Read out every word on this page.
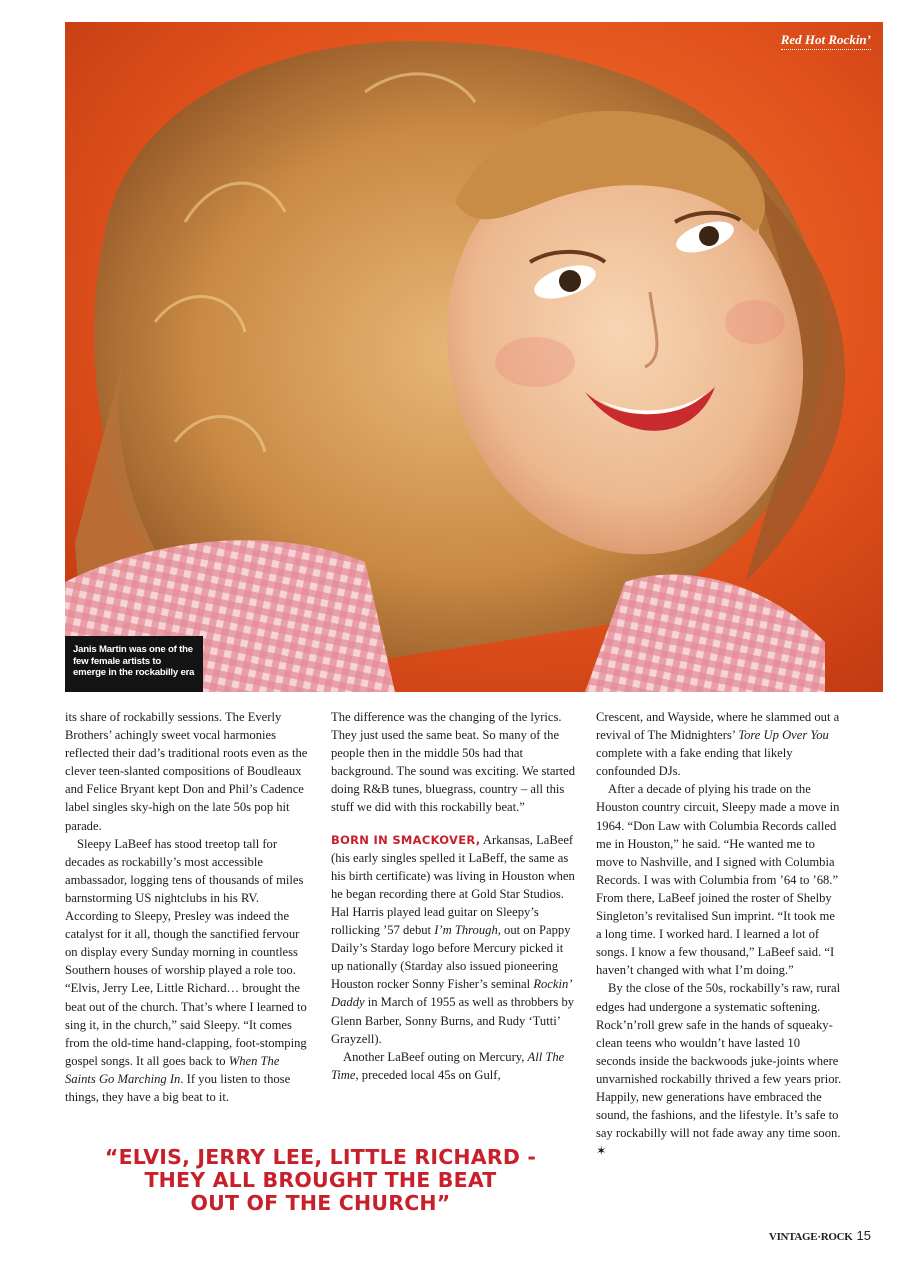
Red Hot Rockin’
Janis Martin was one of the few female artists to emerge in the rockabilly era

its share of rockabilly sessions. The Everly Brothers’ achingly sweet vocal harmonies reflected their dad’s traditional roots even as the clever teen-slanted compositions of Boudleaux and Felice Bryant kept Don and Phil’s Cadence label singles sky-high on the late 50s pop hit parade.

Sleepy LaBeef has stood treetop tall for decades as rockabilly’s most accessible ambassador, logging tens of thousands of miles barnstorming US nightclubs in his RV. According to Sleepy, Presley was indeed the catalyst for it all, though the sanctified fervour on display every Sunday morning in countless Southern houses of worship played a role too. “Elvis, Jerry Lee, Little Richard… brought the beat out of the church. That’s where I learned to sing it, in the church,” said Sleepy. “It comes from the old-time hand-clapping, foot-stomping gospel songs. It all goes back to When The Saints Go Marching In. If you listen to those things, they have a big beat to it.

The difference was the changing of the lyrics. They just used the same beat. So many of the people then in the middle 50s had that background. The sound was exciting. We started doing R&B tunes, bluegrass, country – all this stuff we did with this rockabilly beat.”

BORN IN SMACKOVER, Arkansas, LaBeef (his early singles spelled it LaBeff, the same as his birth certificate) was living in Houston when he began recording there at Gold Star Studios. Hal Harris played lead guitar on Sleepy’s rollicking ’57 debut I’m Through, out on Pappy Daily’s Starday logo before Mercury picked it up nationally (Starday also issued pioneering Houston rocker Sonny Fisher’s seminal Rockin’ Daddy in March of 1955 as well as throbbers by Glenn Barber, Sonny Burns, and Rudy ‘Tutti’ Grayzell).

Another LaBeef outing on Mercury, All The Time, preceded local 45s on Gulf,

Crescent, and Wayside, where he slammed out a revival of The Midnighters’ Tore Up Over You complete with a fake ending that likely confounded DJs.

After a decade of plying his trade on the Houston country circuit, Sleepy made a move in 1964. “Don Law with Columbia Records called me in Houston,” he said. “He wanted me to move to Nashville, and I signed with Columbia Records. I was with Columbia from ’64 to ’68.” From there, LaBeef joined the roster of Shelby Singleton’s revitalised Sun imprint. “It took me a long time. I worked hard. I learned a lot of songs. I know a few thousand,” LaBeef said. “I haven’t changed with what I’m doing.”

By the close of the 50s, rockabilly’s raw, rural edges had undergone a systematic softening. Rock’n’roll grew safe in the hands of squeaky-clean teens who wouldn’t have lasted 10 seconds inside the backwoods juke-joints where unvarnished rockabilly thrived a few years prior. Happily, new generations have embraced the sound, the fashions, and the lifestyle. It’s safe to say rockabilly will not fade away any time soon. ✶

“ELVIS, JERRY LEE, LITTLE RICHARD -
THEY ALL BROUGHT THE BEAT
OUT OF THE CHURCH”
VINTAGE·ROCK 15
